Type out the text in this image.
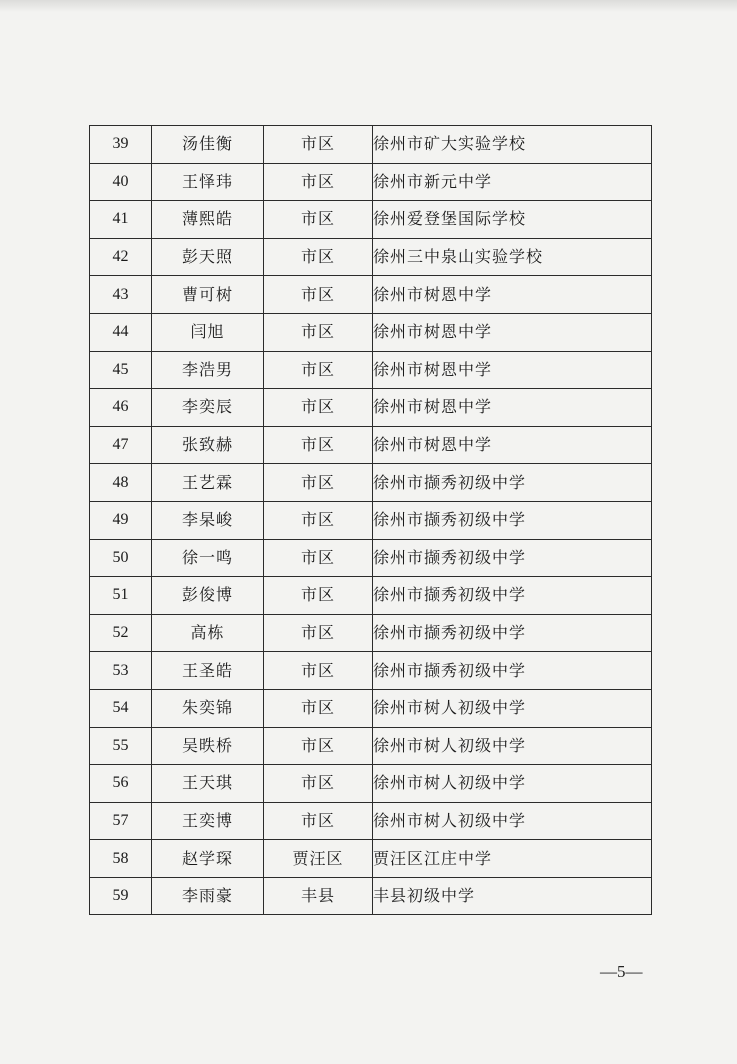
39	汤佳衡	市区	徐州市矿大实验学校
40	王怿玮	市区	徐州市新元中学
41	薄熙皓	市区	徐州爱登堡国际学校
42	彭天照	市区	徐州三中泉山实验学校
43	曹可树	市区	徐州市树恩中学
44	闫旭	市区	徐州市树恩中学
45	李浩男	市区	徐州市树恩中学
46	李奕辰	市区	徐州市树恩中学
47	张致赫	市区	徐州市树恩中学
48	王艺霖	市区	徐州市撷秀初级中学
49	李杲峻	市区	徐州市撷秀初级中学
50	徐一鸣	市区	徐州市撷秀初级中学
51	彭俊博	市区	徐州市撷秀初级中学
52	高栋	市区	徐州市撷秀初级中学
53	王圣皓	市区	徐州市撷秀初级中学
54	朱奕锦	市区	徐州市树人初级中学
55	吴昳桥	市区	徐州市树人初级中学
56	王天琪	市区	徐州市树人初级中学
57	王奕博	市区	徐州市树人初级中学
58	赵学琛	贾汪区	贾汪区江庄中学
59	李雨豪	丰县	丰县初级中学
—5—
